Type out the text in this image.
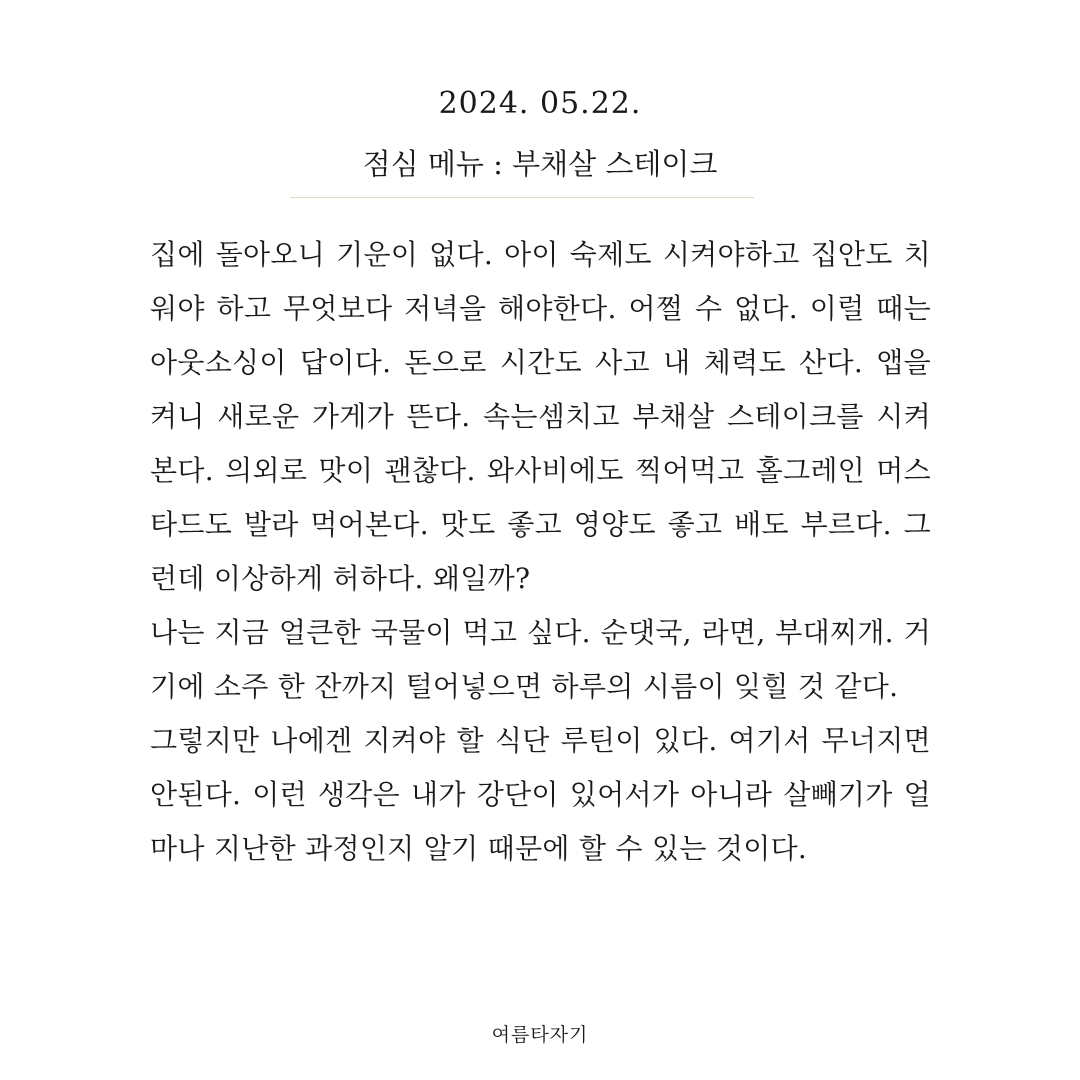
2024. 05.22.
점심 메뉴 : 부채살 스테이크

집에 돌아오니 기운이 없다. 아이 숙제도 시켜야하고 집안도 치워야 하고 무엇보다 저녁을 해야한다. 어쩔 수 없다. 이럴 때는 아웃소싱이 답이다. 돈으로 시간도 사고 내 체력도 산다. 앱을 켜니 새로운 가게가 뜬다. 속는셈치고 부채살 스테이크를 시켜본다. 의외로 맛이 괜찮다. 와사비에도 찍어먹고 홀그레인 머스타드도 발라 먹어본다. 맛도 좋고 영양도 좋고 배도 부르다. 그런데 이상하게 허하다. 왜일까?

나는 지금 얼큰한 국물이 먹고 싶다. 순댓국, 라면, 부대찌개. 거기에 소주 한 잔까지 털어넣으면 하루의 시름이 잊힐 것 같다.

그렇지만 나에겐 지켜야 할 식단 루틴이 있다. 여기서 무너지면 안된다. 이런 생각은 내가 강단이 있어서가 아니라 살빼기가 얼마나 지난한 과정인지 알기 때문에 할 수 있는 것이다.

여름타자기
